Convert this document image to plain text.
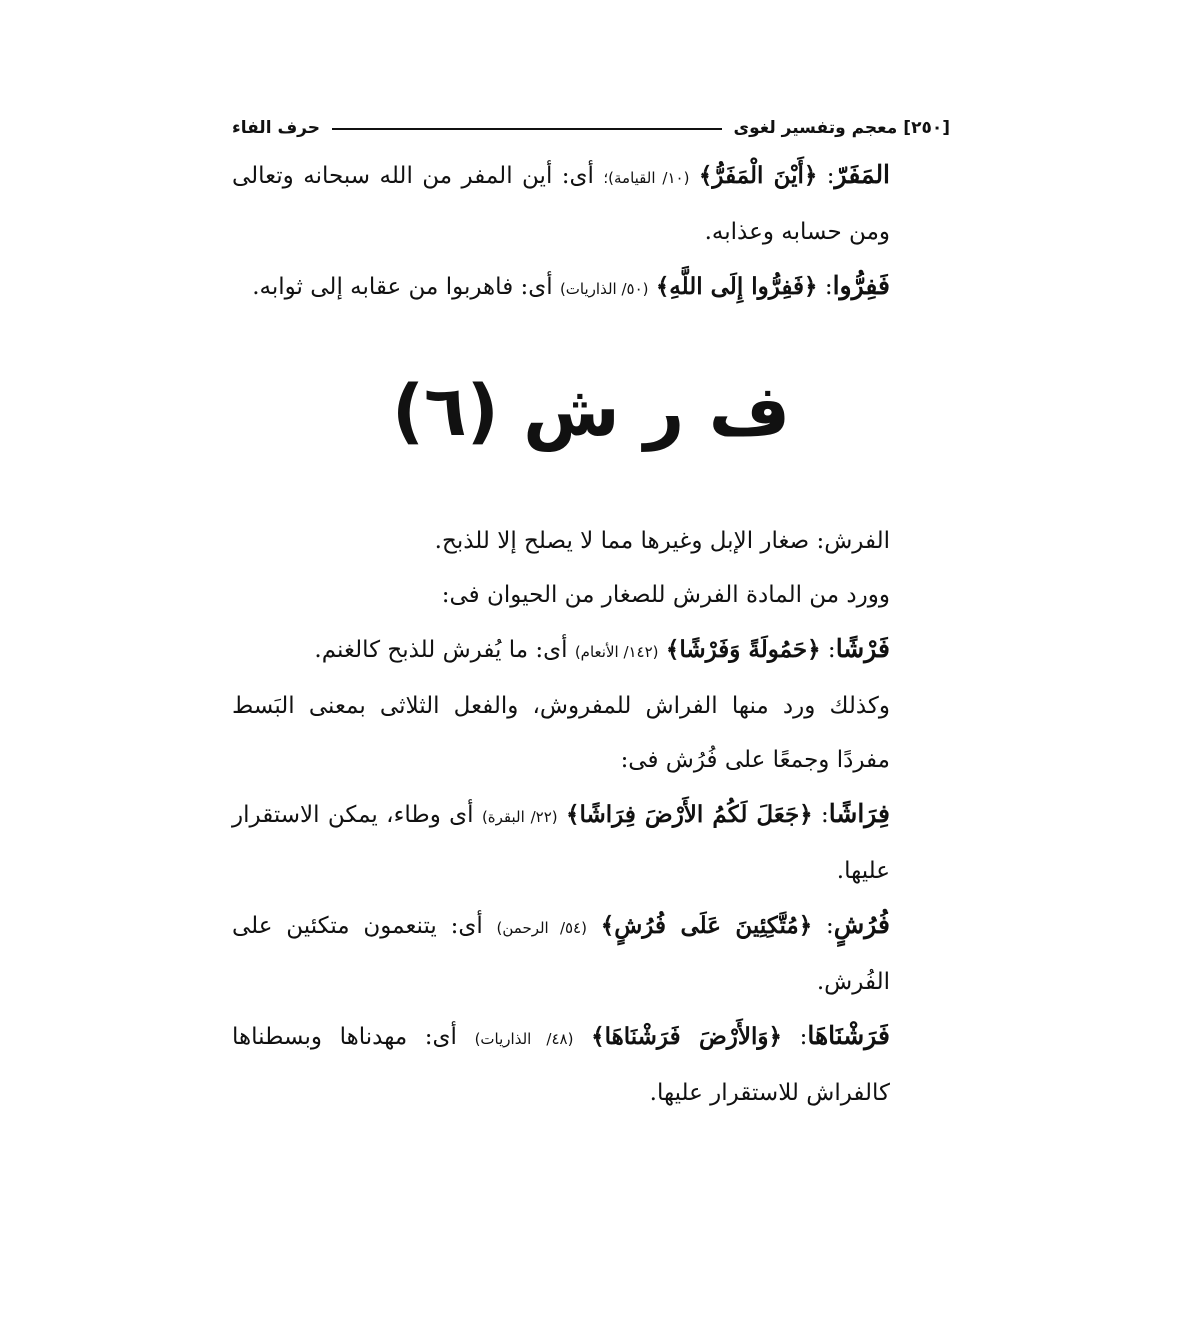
[٢٥٠]
معجم وتفسير لغوى
حرف الفاء

المَفَرّ: ﴿أَيْنَ الْمَفَرُّ﴾ (١٠/ القيامة)؛ أى: أين المفر من الله سبحانه وتعالى ومن حسابه وعذابه.

فَفِرُّوا: ﴿فَفِرُّوا إِلَى اللَّهِ﴾ (٥٠/ الذاريات) أى: فاهربوا من عقابه إلى ثوابه.

ف ر ش (٦)

الفرش: صغار الإبل وغيرها مما لا يصلح إلا للذبح.

وورد من المادة الفرش للصغار من الحيوان فى:

فَرْشًا: ﴿حَمُولَةً وَفَرْشًا﴾ (١٤٢/ الأنعام) أى: ما يُفرش للذبح كالغنم.

وكذلك ورد منها الفراش للمفروش، والفعل الثلاثى بمعنى البَسط مفردًا وجمعًا على فُرُش فى:

فِرَاشًا: ﴿جَعَلَ لَكُمُ الأَرْضَ فِرَاشًا﴾ (٢٢/ البقرة) أى وطاء، يمكن الاستقرار عليها.

فُرُشٍ: ﴿مُتَّكِئِينَ عَلَى فُرُشٍ﴾ (٥٤/ الرحمن) أى: يتنعمون متكئين على الفُرش.

فَرَشْنَاهَا: ﴿وَالأَرْضَ فَرَشْنَاهَا﴾ (٤٨/ الذاريات) أى: مهدناها وبسطناها كالفراش للاستقرار عليها.
